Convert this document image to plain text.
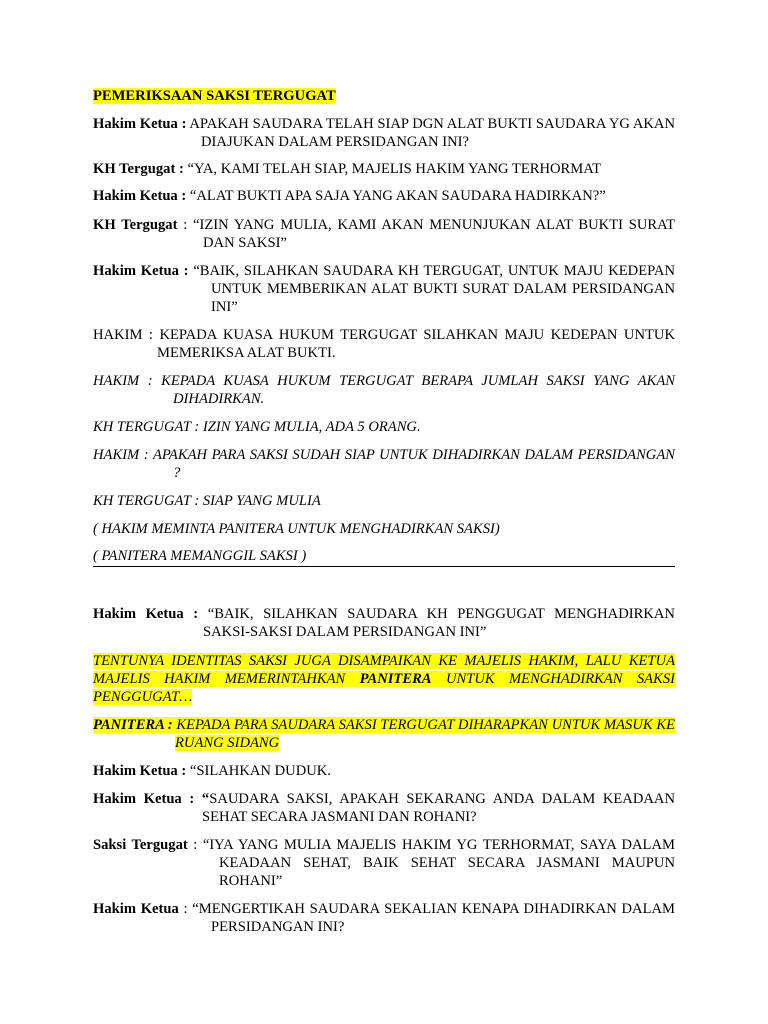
PEMERIKSAAN SAKSI TERGUGAT

Hakim Ketua : APAKAH SAUDARA TELAH SIAP DGN ALAT BUKTI SAUDARA YG AKAN DIAJUKAN DALAM PERSIDANGAN INI?

KH Tergugat : “YA, KAMI TELAH SIAP, MAJELIS HAKIM YANG TERHORMAT

Hakim Ketua : “ALAT BUKTI APA SAJA YANG AKAN SAUDARA HADIRKAN?”

KH Tergugat : “IZIN YANG MULIA, KAMI AKAN MENUNJUKAN ALAT BUKTI SURAT DAN SAKSI”

Hakim Ketua : “BAIK, SILAHKAN SAUDARA KH TERGUGAT, UNTUK MAJU KEDEPAN UNTUK MEMBERIKAN ALAT BUKTI SURAT DALAM PERSIDANGAN INI”

HAKIM : KEPADA KUASA HUKUM TERGUGAT SILAHKAN MAJU KEDEPAN UNTUK MEMERIKSA ALAT BUKTI.

HAKIM : KEPADA KUASA HUKUM TERGUGAT BERAPA JUMLAH SAKSI YANG AKAN DIHADIRKAN.

KH TERGUGAT : IZIN YANG MULIA, ADA 5 ORANG.

HAKIM : APAKAH PARA SAKSI SUDAH SIAP UNTUK DIHADIRKAN DALAM PERSIDANGAN ?

KH TERGUGAT : SIAP YANG MULIA

( HAKIM MEMINTA PANITERA UNTUK MENGHADIRKAN SAKSI)

( PANITERA MEMANGGIL SAKSI )

Hakim Ketua : “BAIK, SILAHKAN SAUDARA KH PENGGUGAT MENGHADIRKAN SAKSI-SAKSI DALAM PERSIDANGAN INI”

TENTUNYA IDENTITAS SAKSI JUGA DISAMPAIKAN KE MAJELIS HAKIM, LALU KETUA MAJELIS HAKIM MEMERINTAHKAN PANITERA UNTUK MENGHADIRKAN SAKSI PENGGUGAT…

PANITERA : KEPADA PARA SAUDARA SAKSI TERGUGAT DIHARAPKAN UNTUK MASUK KE RUANG SIDANG

Hakim Ketua : “SILAHKAN DUDUK.

Hakim Ketua : “SAUDARA SAKSI, APAKAH SEKARANG ANDA DALAM KEADAAN SEHAT SECARA JASMANI DAN ROHANI?

Saksi Tergugat : “IYA YANG MULIA MAJELIS HAKIM YG TERHORMAT, SAYA DALAM KEADAAN SEHAT, BAIK SEHAT SECARA JASMANI MAUPUN ROHANI”

Hakim Ketua : “MENGERTIKAH SAUDARA SEKALIAN KENAPA DIHADIRKAN DALAM PERSIDANGAN INI?
